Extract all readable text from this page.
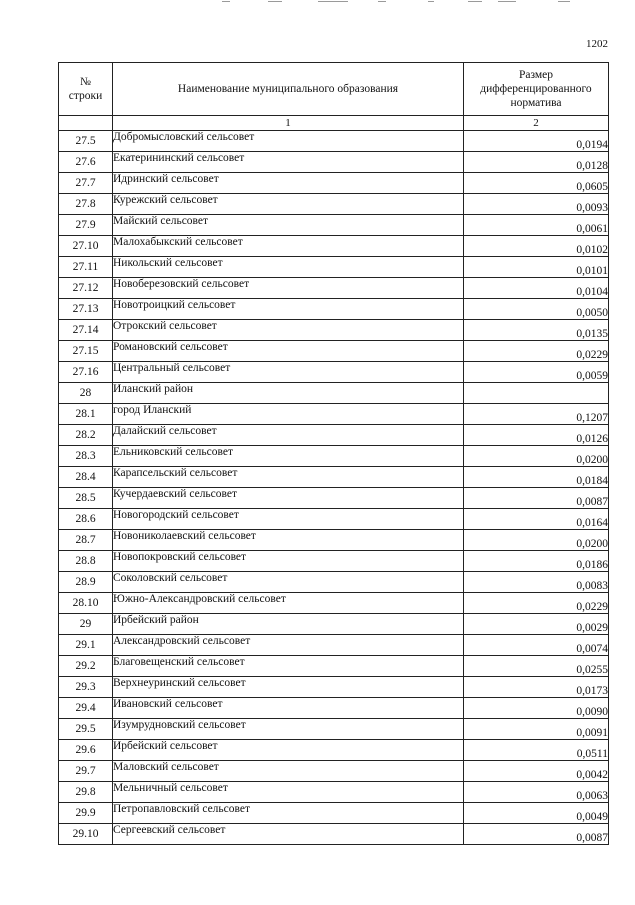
1202
№ строки	Наименование муниципального образования	Размер дифференцированного норматива
	1	2
27.5	Добромысловский сельсовет	0,0194
27.6	Екатерининский сельсовет	0,0128
27.7	Идринский сельсовет	0,0605
27.8	Курежский сельсовет	0,0093
27.9	Майский сельсовет	0,0061
27.10	Малохабыкский сельсовет	0,0102
27.11	Никольский сельсовет	0,0101
27.12	Новоберезовский сельсовет	0,0104
27.13	Новотроицкий сельсовет	0,0050
27.14	Отрокский сельсовет	0,0135
27.15	Романовский сельсовет	0,0229
27.16	Центральный сельсовет	0,0059
28	Иланский район	
28.1	город Иланский	0,1207
28.2	Далайский сельсовет	0,0126
28.3	Ельниковский сельсовет	0,0200
28.4	Карапсельский сельсовет	0,0184
28.5	Кучердаевский сельсовет	0,0087
28.6	Новогородский сельсовет	0,0164
28.7	Новониколаевский сельсовет	0,0200
28.8	Новопокровский сельсовет	0,0186
28.9	Соколовский сельсовет	0,0083
28.10	Южно-Александровский сельсовет	0,0229
29	Ирбейский район	0,0029
29.1	Александровский сельсовет	0,0074
29.2	Благовещенский сельсовет	0,0255
29.3	Верхнеуринский сельсовет	0,0173
29.4	Ивановский сельсовет	0,0090
29.5	Изумрудновский сельсовет	0,0091
29.6	Ирбейский сельсовет	0,0511
29.7	Маловский сельсовет	0,0042
29.8	Мельничный сельсовет	0,0063
29.9	Петропавловский сельсовет	0,0049
29.10	Сергеевский сельсовет	0,0087
